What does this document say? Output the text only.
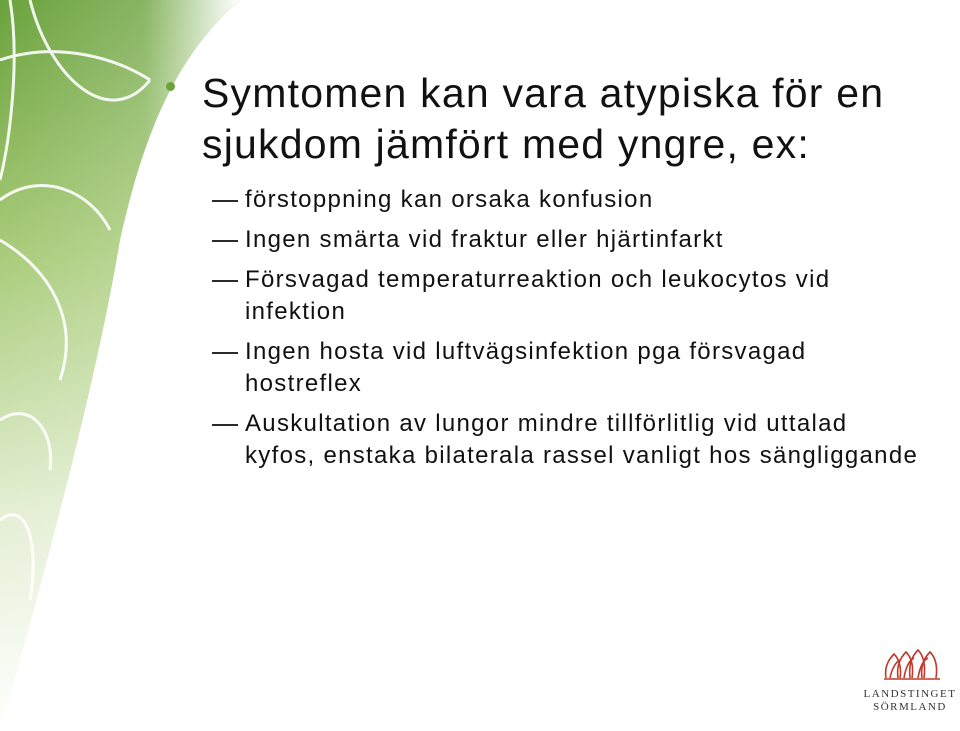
Symtomen kan vara atypiska för en sjukdom jämfört med yngre, ex:
förstoppning kan orsaka konfusion
Ingen smärta vid fraktur eller hjärtinfarkt
Försvagad temperaturreaktion och leukocytos vid infektion
Ingen hosta vid luftvägsinfektion pga försvagad hostreflex
Auskultation av lungor mindre tillförlitlig vid uttalad kyfos, enstaka bilaterala rassel vanligt hos sängliggande
LANDSTINGET
SÖRMLAND
